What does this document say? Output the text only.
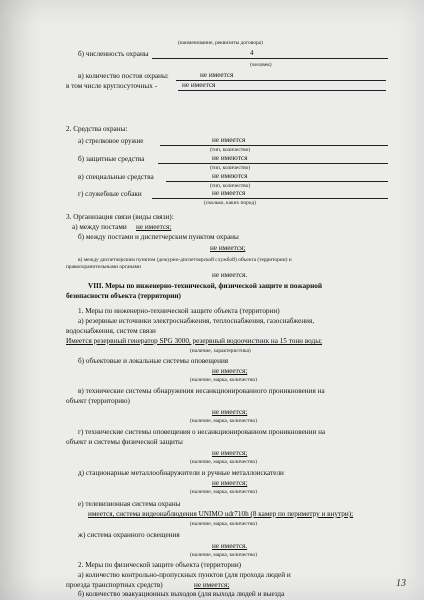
(наименование, реквизиты договора)
б) численность охраны	4
(человек)
в) количество постов охраны:	не имеется
в том числе круглосуточных -	не имеется
2. Средства охраны:
а) стрелковое оружие	не имеется
(тип, количество)
б) защитные средства	не имеются
(тип, количество)
в) специальные средства	не имеются
(тип, количество)
г) служебные собаки	не имеется
(сколько, каких пород)
3. Организация связи (виды связи):
а) между постами не имеется;
б) между постами и диспетчерским пунктом охраны
не имеется;
в) между диспетчерским пунктом (дежурно-диспетчерской службой) объекта (территории) и
правоохранительными органами
не имеется.
VIII. Меры по инженерно-технической, физической защите и пожарной
безопасности объекта (территории)
1. Меры по инженерно-технической защите объекта (территории)
а) резервные источники электроснабжения, теплоснабжения, газоснабжения,
водоснабжения, систем связи
Имеется резервный генератор SPG 3000, резервный водоочистник на 15 тонн воды;
(наличие, характеристика)
б) объектовые и локальные системы оповещения
не имеется;
(наличие, марка, количество)
в) технические системы обнаружения несанкционированного проникновения на
объект (территорию)
не имеется;
(наличие, марка, количество)
г) технические системы оповещения о несанкционированном проникновении на
объект и системы физической защиты
не имеется;
(наличие, марка, количество)
д) стационарные металлообнаружители и ручные металлоискатели
не имеется;
(наличие, марка, количество)
е) телевизионная система охраны
имеется, система видеонаблюдения UNIMO udr710h (8 камер по периметру и внутри);
(наличие, марка, количество)
ж) система охранного освещения
не имеется.
(наличие, марка, количество)
2. Меры по физической защите объекта (территории)
а) количество контрольно-пропускных пунктов (для прохода людей и
проезда транспортных средств)	не имеется;
б) количество эвакуационных выходов (для выхода людей и выезда
13
